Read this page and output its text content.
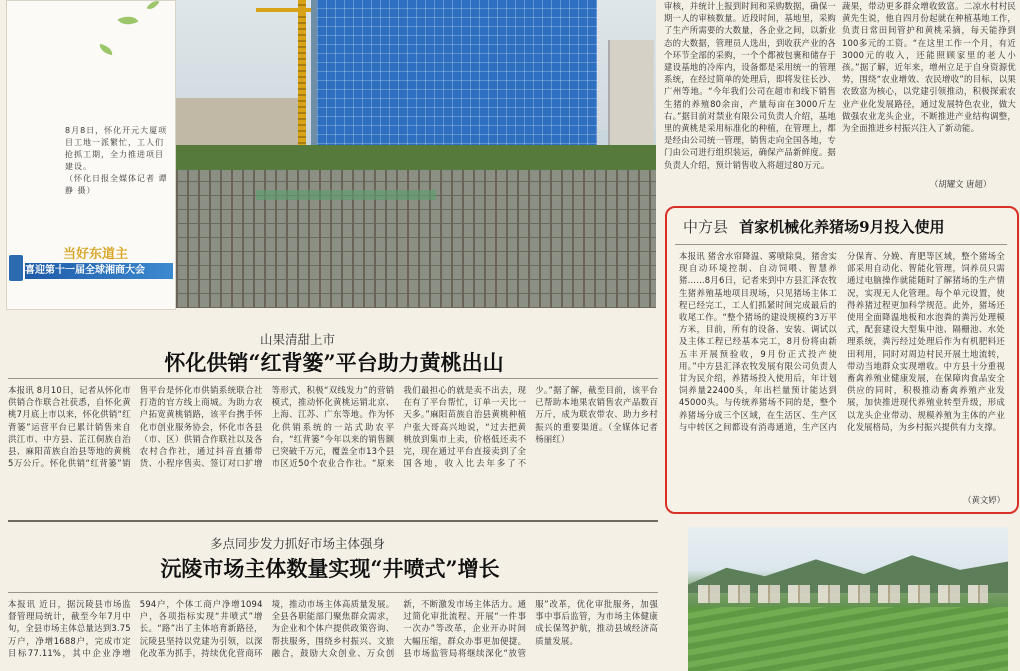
8月8日，怀化开元大厦项目工地一派繁忙，工人们抢抓工期，全力推进项目建设。
（怀化日报全媒体记者 谭静 摄）
当好东道主
喜迎第十一届全球湘商大会
审核，并统计上报到时间和采购数据，确保一期一人的审核数量。近段时间，基地里，采购了生产所需要的大数量，各企业之间，以新业态的大数据，管理员人选出，到收获产业的各个环节全部的采购，一个个都被包裹和储存于建设基地的冷库内，设备都是采用统一的管理系统，在经过简单的处理后，即将发往长沙、广州等地。“今年我们公司在超市和线下销售生猪的养殖80余亩，产量每亩在3000斤左右。”据目前对禁业有限公司负责人介绍，基地里的黄桃是采用标准化的种植，在管理上，都是经由公司统一管理，销售走向全国各地，专门由公司进行组织装运，确保产品新鲜度。据负责人介绍，预计销售收入将超过80万元。
蔬果，带动更多群众增收致富。二凉水村村民黄先生说，他自四月份起就在种植基地工作，负责日常田间管护和黄桃采摘，每天能挣到100多元的工资。“在这里工作一个月，有近3000元的收入，还能照顾家里的老人小孩。”据了解，近年来，增州立足于自身资源优势，围绕“农业增效、农民增收”的目标，以果农致富为核心，以党建引领推动，积极探索农业产业化发展路径，通过发展特色农业，做大做强农业龙头企业，不断推进产业结构调整，为全面推进乡村振兴注入了新动能。
（胡耀文 唐超）
中方县 首家机械化养猪场9月投入使用
本报讯 猪舍水帘降温、雾喷除臭，猪舍实现自动环境控制、自动饲喂、智慧养猪……8月6日，记者来到中方县汇泽农牧生猪养殖基地项目现场，只见猪场主体工程已经完工，工人们抓紧时间完成最后的收尾工作。“整个猪场的建设规模约3万平方米，目前，所有的设备、安装、调试以及主体工程已经基本完工，8月份将由新五丰开展预验收，9月份正式投产使用。”中方县汇泽农牧发展有限公司负责人甘为民介绍，养猪场投入使用后，年计划饲养量22400头，年出栏量预计能达到45000头。与传统养猪场不同的是，整个养猪场分成三个区域，在生活区、生产区与中转区之间都设有消毒通道，生产区内分保育、分娩、育肥等区域，整个猪场全部采用自动化、智能化管理，饲养员只需通过电脑操作就能随时了解猪场的生产情况，实现无人化管理。每个单元设置，使得养猪过程更加科学规范。此外，猪场还使用全面降温地板和水泡粪的粪污处理模式，配套建设大型集中池、隔栅池、水处理系统，粪污经过处理后作为有机肥料还田利用，同时对周边村民开展土地流转，带动当地群众实现增收。中方县十分重视畜禽养殖业健康发展，在保障肉食品安全供应的同时，积极推动畜禽养殖产业发展，加快推进现代养殖业转型升级，形成以龙头企业带动、规模养殖为主体的产业化发展格局，为乡村振兴提供有力支撑。
（黄文婷）
山果清甜上市
怀化供销“红背篓”平台助力黄桃出山
本报讯 8月10日，记者从怀化市供销合作联合社获悉，自怀化黄桃7月底上市以来，怀化供销“红背篓”运营平台已累计销售来自洪江市、中方县、芷江侗族自治县、麻阳苗族自治县等地的黄桃5万公斤。怀化供销“红背篓”销售平台是怀化市供销系统联合社打造的官方线上商城。为助力农户拓宽黄桃销路，该平台携手怀化市创业服务协会，怀化市各县（市、区）供销合作联社以及各农村合作社，通过抖音直播带货、小程序售卖、签订对口扩增等形式，积极“双线发力”的营销模式，推动怀化黄桃运销北京、上海、江苏、广东等地。作为怀化供销系统的一站式助农平台，“红背篓”今年以来的销售额已突破千万元，覆盖全市13个县市区近50个农业合作社。“原来我们最担心的就是卖不出去，现在有了平台帮忙，订单一天比一天多。”麻阳苗族自治县黄桃种植户张大哥高兴地说，“过去把黄桃放到集市上卖，价格低还卖不完，现在通过平台直接卖到了全国各地，收入比去年多了不少。”据了解，截至目前，该平台已帮助本地果农销售农产品数百万斤，成为联农带农、助力乡村振兴的重要渠道。（全媒体记者 杨丽红）
多点同步发力抓好市场主体强身
沅陵市场主体数量实现“井喷式”增长
本报讯 近日，据沅陵县市场监督管理局统计，截至今年7月中旬，全县市场主体总量达到3.75万户，净增1688户，完成市定目标77.11%，其中企业净增594户，个体工商户净增1094户，各项指标实现“井喷式”增长。“路”出了主体培育新路径，沅陵县坚持以党建为引领，以深化改革为抓手，持续优化营商环境，推动市场主体高质量发展。全县各职能部门聚焦群众需求，为企业和个体户提供政策咨询、帮扶服务，围绕乡村振兴、文旅融合，鼓励大众创业、万众创新，不断激发市场主体活力。通过简化审批流程、开展“一件事一次办”等改革，企业开办时间大幅压缩，群众办事更加便捷。县市场监管局将继续深化“放管服”改革，优化审批服务，加强事中事后监管，为市场主体健康成长保驾护航，推动县域经济高质量发展。
